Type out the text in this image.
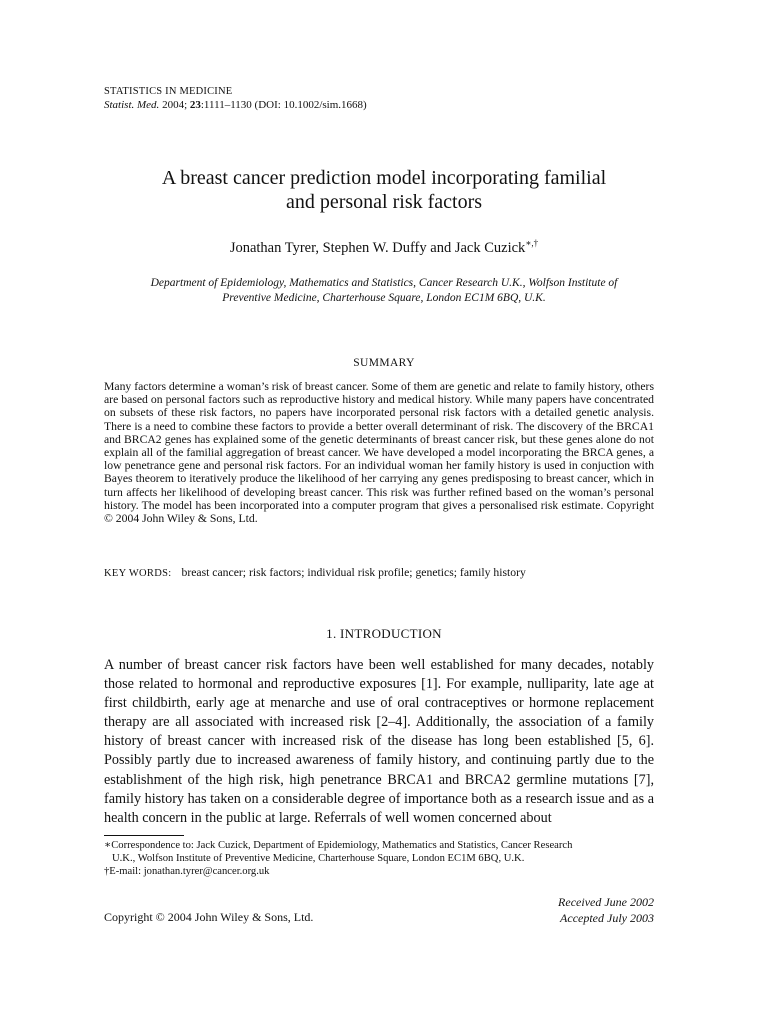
STATISTICS IN MEDICINE
Statist. Med. 2004; 23:1111–1130 (DOI: 10.1002/sim.1668)
A breast cancer prediction model incorporating familial
and personal risk factors
Jonathan Tyrer, Stephen W. Duffy and Jack Cuzick∗,†
Department of Epidemiology, Mathematics and Statistics, Cancer Research U.K., Wolfson Institute of
Preventive Medicine, Charterhouse Square, London EC1M 6BQ, U.K.
SUMMARY
Many factors determine a woman’s risk of breast cancer. Some of them are genetic and relate to family history, others are based on personal factors such as reproductive history and medical history. While many papers have concentrated on subsets of these risk factors, no papers have incorporated personal risk factors with a detailed genetic analysis. There is a need to combine these factors to provide a better overall determinant of risk. The discovery of the BRCA1 and BRCA2 genes has explained some of the genetic determinants of breast cancer risk, but these genes alone do not explain all of the familial aggregation of breast cancer. We have developed a model incorporating the BRCA genes, a low penetrance gene and personal risk factors. For an individual woman her family history is used in conjuction with Bayes theorem to iteratively produce the likelihood of her carrying any genes predisposing to breast cancer, which in turn affects her likelihood of developing breast cancer. This risk was further refined based on the woman’s personal history. The model has been incorporated into a computer program that gives a personalised risk estimate. Copyright © 2004 John Wiley & Sons, Ltd.
KEY WORDS: breast cancer; risk factors; individual risk profile; genetics; family history
1. INTRODUCTION
A number of breast cancer risk factors have been well established for many decades, notably those related to hormonal and reproductive exposures [1]. For example, nulliparity, late age at first childbirth, early age at menarche and use of oral contraceptives or hormone replacement therapy are all associated with increased risk [2–4]. Additionally, the association of a family history of breast cancer with increased risk of the disease has long been established [5, 6]. Possibly partly due to increased awareness of family history, and continuing partly due to the establishment of the high risk, high penetrance BRCA1 and BRCA2 germline mutations [7], family history has taken on a considerable degree of importance both as a research issue and as a health concern in the public at large. Referrals of well women concerned about
∗Correspondence to: Jack Cuzick, Department of Epidemiology, Mathematics and Statistics, Cancer Research
U.K., Wolfson Institute of Preventive Medicine, Charterhouse Square, London EC1M 6BQ, U.K.
†E-mail: jonathan.tyrer@cancer.org.uk
Received June 2002
Accepted July 2003
Copyright © 2004 John Wiley & Sons, Ltd.
